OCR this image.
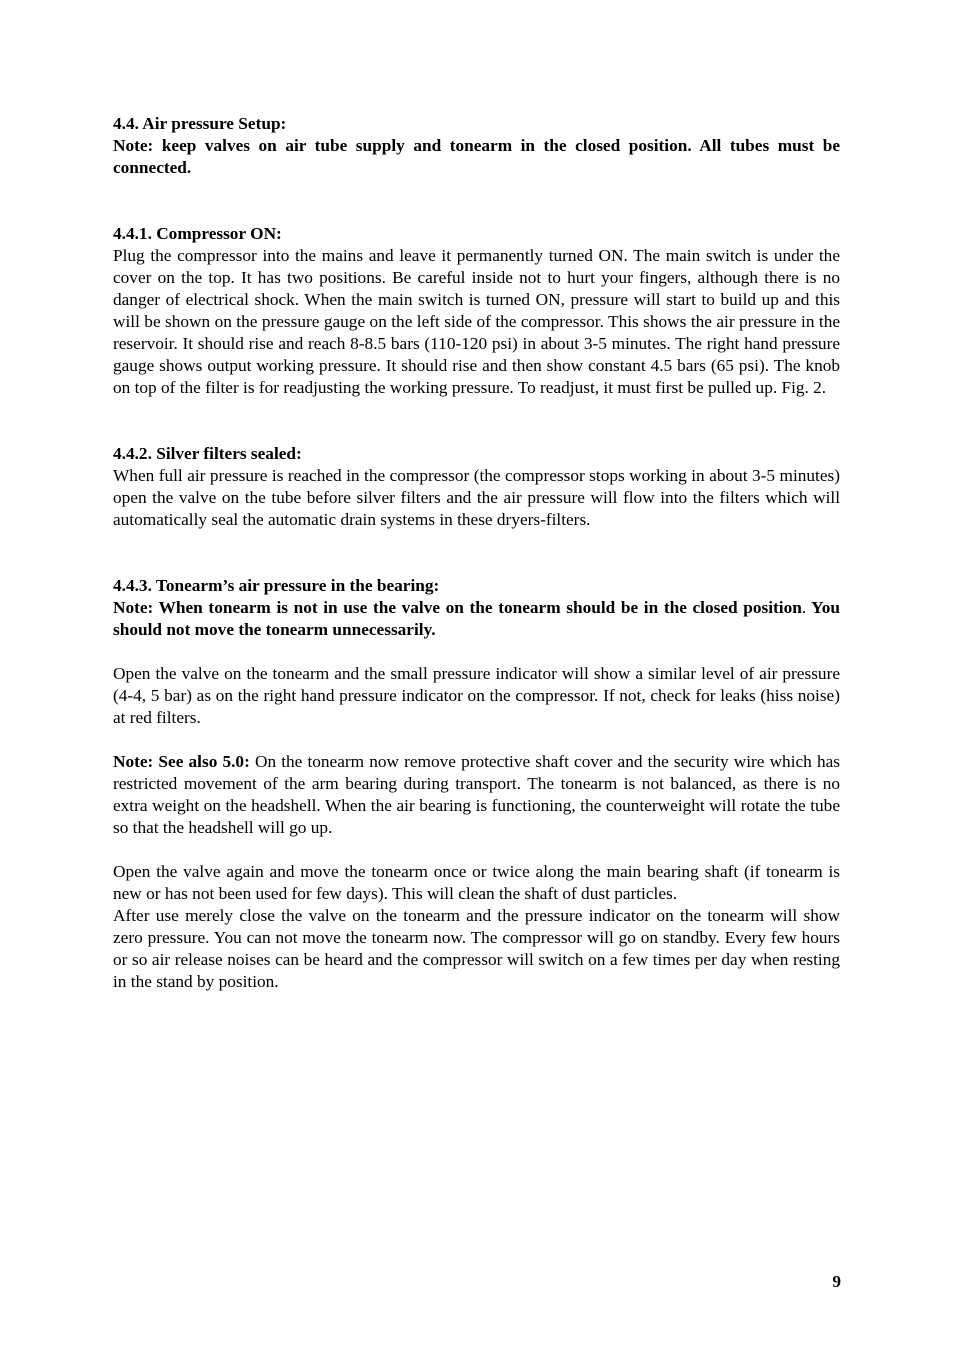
4.4. Air pressure Setup:

Note: keep valves on air tube supply and tonearm in the closed position. All tubes must be connected.

4.4.1. Compressor ON:

Plug the compressor into the mains and leave it permanently turned ON. The main switch is under the cover on the top. It has two positions. Be careful inside not to hurt your fingers, although there is no danger of electrical shock. When the main switch is turned ON, pressure will start to build up and this will be shown on the pressure gauge on the left side of the compressor. This shows the air pressure in the reservoir. It should rise and reach 8-8.5 bars (110-120 psi) in about 3-5 minutes. The right hand pressure gauge shows output working pressure. It should rise and then show constant 4.5 bars (65 psi). The knob on top of the filter is for readjusting the working pressure. To readjust, it must first be pulled up. Fig. 2.

4.4.2. Silver filters sealed:

When full air pressure is reached in the compressor (the compressor stops working in about 3-5 minutes) open the valve on the tube before silver filters and the air pressure will flow into the filters which will automatically seal the automatic drain systems in these dryers-filters.

4.4.3. Tonearm’s air pressure in the bearing:

Note: When tonearm is not in use the valve on the tonearm should be in the closed position. You should not move the tonearm unnecessarily.

Open the valve on the tonearm and the small pressure indicator will show a similar level of air pressure (4-4, 5 bar) as on the right hand pressure indicator on the compressor. If not, check for leaks (hiss noise) at red filters.

Note: See also 5.0: On the tonearm now remove protective shaft cover and the security wire which has restricted movement of the arm bearing during transport. The tonearm is not balanced, as there is no extra weight on the headshell. When the air bearing is functioning, the counterweight will rotate the tube so that the headshell will go up.

Open the valve again and move the tonearm once or twice along the main bearing shaft (if tonearm is new or has not been used for few days). This will clean the shaft of dust particles.

After use merely close the valve on the tonearm and the pressure indicator on the tonearm will show zero pressure. You can not move the tonearm now. The compressor will go on standby. Every few hours or so air release noises can be heard and the compressor will switch on a few times per day when resting in the stand by position.

9
